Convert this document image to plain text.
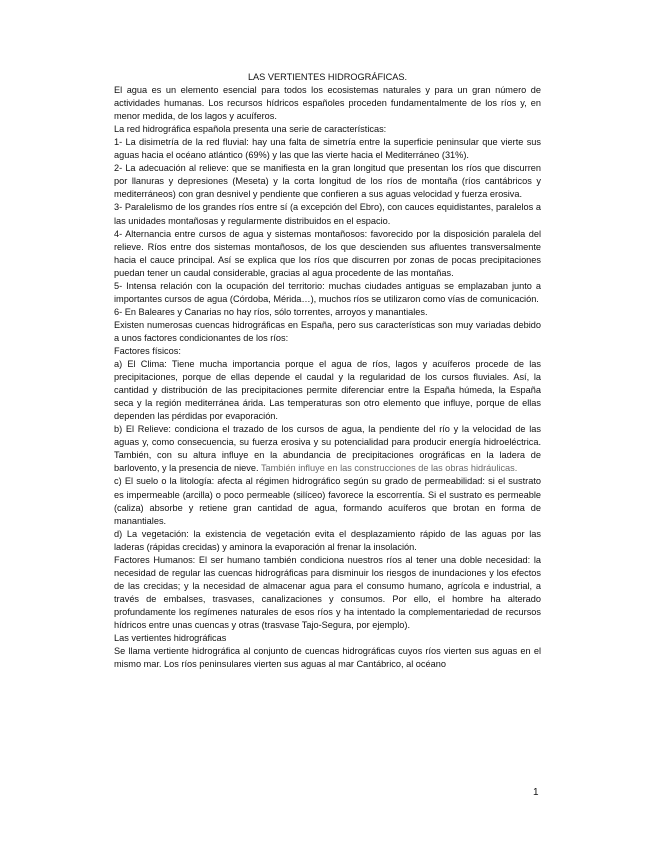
LAS VERTIENTES HIDROGRÁFICAS.

El agua es un elemento esencial para todos los ecosistemas naturales y para un gran número de actividades humanas. Los recursos hídricos españoles proceden fundamentalmente de los ríos y, en menor medida, de los lagos y acuíferos.

La red hidrográfica española presenta una serie de características:

1- La disimetría de la red fluvial: hay una falta de simetría entre la superficie peninsular que vierte sus aguas hacia el océano atlántico (69%) y las que las vierte hacia el Mediterráneo (31%).

2- La adecuación al relieve: que se manifiesta en la gran longitud que presentan los ríos que discurren por llanuras y depresiones (Meseta) y la corta longitud de los ríos de montaña (ríos cantábricos y mediterráneos) con gran desnivel y pendiente que confieren a sus aguas velocidad y fuerza erosiva.

3- Paralelismo de los grandes ríos entre sí (a excepción del Ebro), con cauces equidistantes, paralelos a las unidades montañosas y regularmente distribuidos en el espacio.

4- Alternancia entre cursos de agua y sistemas montañosos: favorecido por la disposición paralela del relieve. Ríos entre dos sistemas montañosos, de los que descienden sus afluentes transversalmente hacia el cauce principal. Así se explica que los ríos que discurren por zonas de pocas precipitaciones puedan tener un caudal considerable, gracias al agua procedente de las montañas.

5- Intensa relación con la ocupación del territorio: muchas ciudades antiguas se emplazaban junto a importantes cursos de agua (Córdoba, Mérida…), muchos ríos se utilizaron como vías de comunicación.

6- En Baleares y Canarias no hay ríos, sólo torrentes, arroyos y manantiales.

Existen numerosas cuencas hidrográficas en España, pero sus características son muy variadas debido a unos factores condicionantes de los ríos:

Factores físicos:

a) El Clima: Tiene mucha importancia porque el agua de ríos, lagos y acuíferos procede de las precipitaciones, porque de ellas depende el caudal y la regularidad de los cursos fluviales. Así, la cantidad y distribución de las precipitaciones permite diferenciar entre la España húmeda, la España seca y la región mediterránea árida. Las temperaturas son otro elemento que influye, porque de ellas dependen las pérdidas por evaporación.

b) El Relieve: condiciona el trazado de los cursos de agua, la pendiente del río y la velocidad de las aguas y, como consecuencia, su fuerza erosiva y su potencialidad para producir energía hidroeléctrica. También, con su altura influye en la abundancia de precipitaciones orográficas en la ladera de barlovento, y la presencia de nieve. También influye en las construcciones de las obras hidráulicas.

c) El suelo o la litología: afecta al régimen hidrográfico según su grado de permeabilidad: si el sustrato es impermeable (arcilla) o poco permeable (silíceo) favorece la escorrentía. Si el sustrato es permeable (caliza) absorbe y retiene gran cantidad de agua, formando acuíferos que brotan en forma de manantiales.

d) La vegetación: la existencia de vegetación evita el desplazamiento rápido de las aguas por las laderas (rápidas crecidas) y aminora la evaporación al frenar la insolación.

Factores Humanos: El ser humano también condiciona nuestros ríos al tener una doble necesidad: la necesidad de regular las cuencas hidrográficas para disminuir los riesgos de inundaciones y los efectos de las crecidas; y la necesidad de almacenar agua para el consumo humano, agrícola e industrial, a través de embalses, trasvases, canalizaciones y consumos. Por ello, el hombre ha alterado profundamente los regímenes naturales de esos ríos y ha intentado la complementariedad de recursos hídricos entre unas cuencas y otras (trasvase Tajo-Segura, por ejemplo).

Las vertientes hidrográficas

Se llama vertiente hidrográfica al conjunto de cuencas hidrográficas cuyos ríos vierten sus aguas en el mismo mar. Los ríos peninsulares vierten sus aguas al mar Cantábrico, al océano

1
